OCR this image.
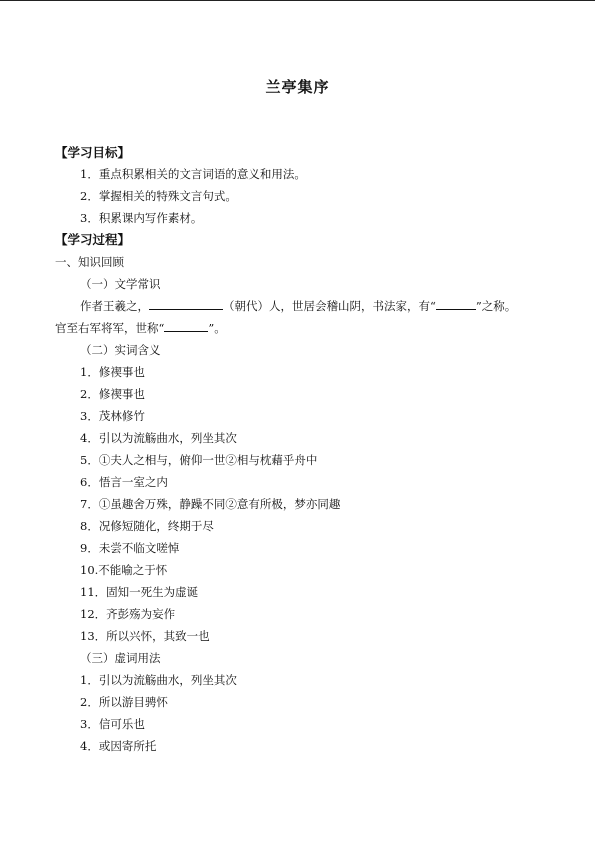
兰亭集序
【学习目标】
1．重点积累相关的文言词语的意义和用法。
2．掌握相关的特殊文言句式。
3．积累课内写作素材。
【学习过程】
一、知识回顾
（一）文学常识
作者王羲之，	（朝代）人，世居会稽山阴，书法家，有“	”之称。
官至右军将军，世称“	”。
（二）实词含义
1．修禊事也
2．修禊事也
3．茂林修竹
4．引以为流觞曲水，列坐其次
5．①夫人之相与，俯仰一世②相与枕藉乎舟中
6．悟言一室之内
7．①虽趣舍万殊，静躁不同②意有所极，梦亦同趣
8．况修短随化，终期于尽
9．未尝不临文嗟悼
10.不能喻之于怀
11．固知一死生为虚诞
12．齐彭殇为妄作
13．所以兴怀，其致一也
（三）虚词用法
1．引以为流觞曲水，列坐其次
2．所以游目骋怀
3．信可乐也
4．或因寄所托
